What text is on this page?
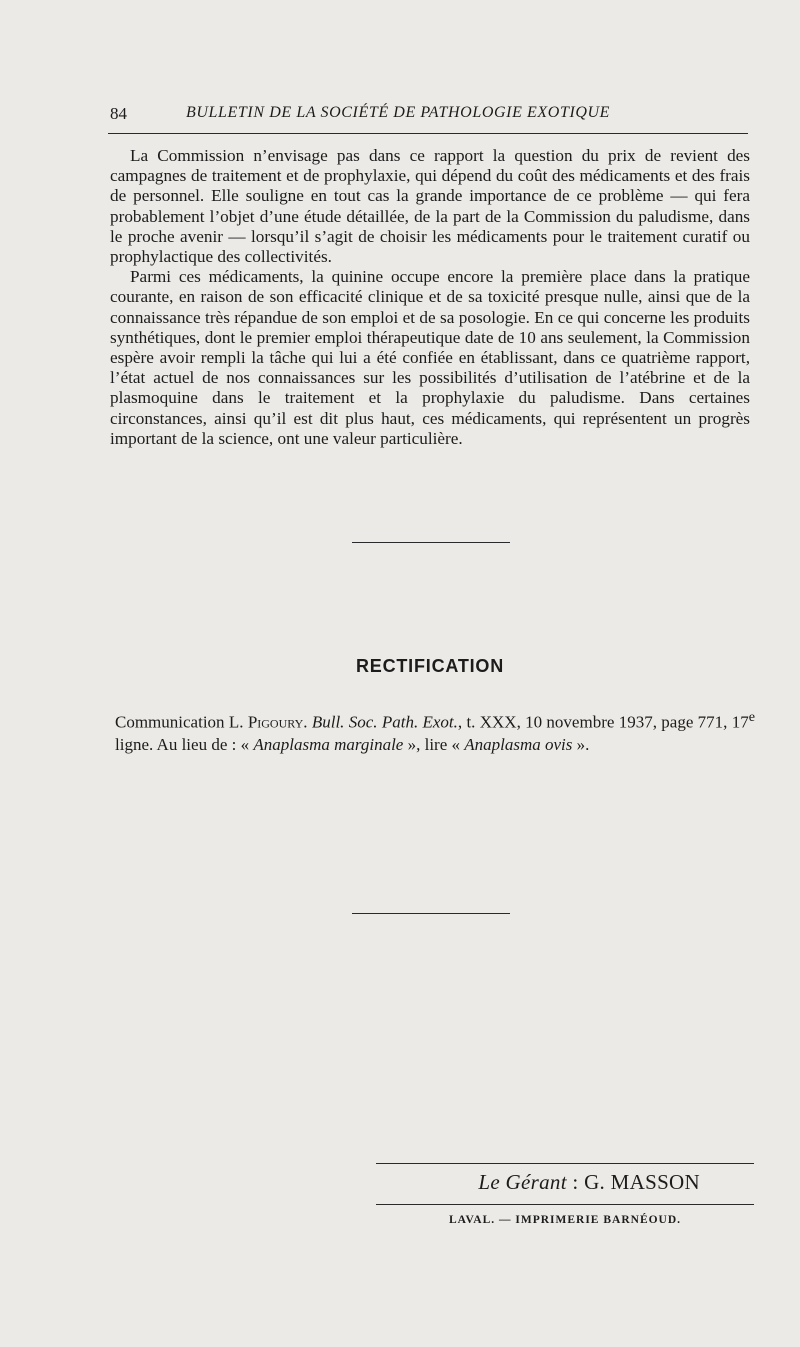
84	BULLETIN DE LA SOCIÉTÉ DE PATHOLOGIE EXOTIQUE

La Commission n’envisage pas dans ce rapport la question du prix de revient des campagnes de traitement et de prophylaxie, qui dépend du coût des médicaments et des frais de personnel. Elle souligne en tout cas la grande importance de ce problème — qui fera probablement l’objet d’une étude détaillée, de la part de la Commission du paludisme, dans le proche avenir — lorsqu’il s’agit de choisir les médicaments pour le traitement curatif ou prophylactique des collectivités.

Parmi ces médicaments, la quinine occupe encore la première place dans la pratique courante, en raison de son efficacité clinique et de sa toxicité presque nulle, ainsi que de la connaissance très répandue de son emploi et de sa posologie. En ce qui concerne les produits synthétiques, dont le premier emploi thérapeutique date de 10 ans seulement, la Commission espère avoir rempli la tâche qui lui a été confiée en établissant, dans ce quatrième rapport, l’état actuel de nos connaissances sur les possibilités d’utilisation de l’atébrine et de la plasmoquine dans le traitement et la prophylaxie du paludisme. Dans certaines circonstances, ainsi qu’il est dit plus haut, ces médicaments, qui représentent un progrès important de la science, ont une valeur particulière.

RECTIFICATION
Communication L. Pigoury. Bull. Soc. Path. Exot., t. XXX, 10 novembre 1937, page 771, 17e ligne. Au lieu de : « Anaplasma marginale », lire « Anaplasma ovis ».
Le Gérant : G. MASSON
LAVAL. — IMPRIMERIE BARNÉOUD.
